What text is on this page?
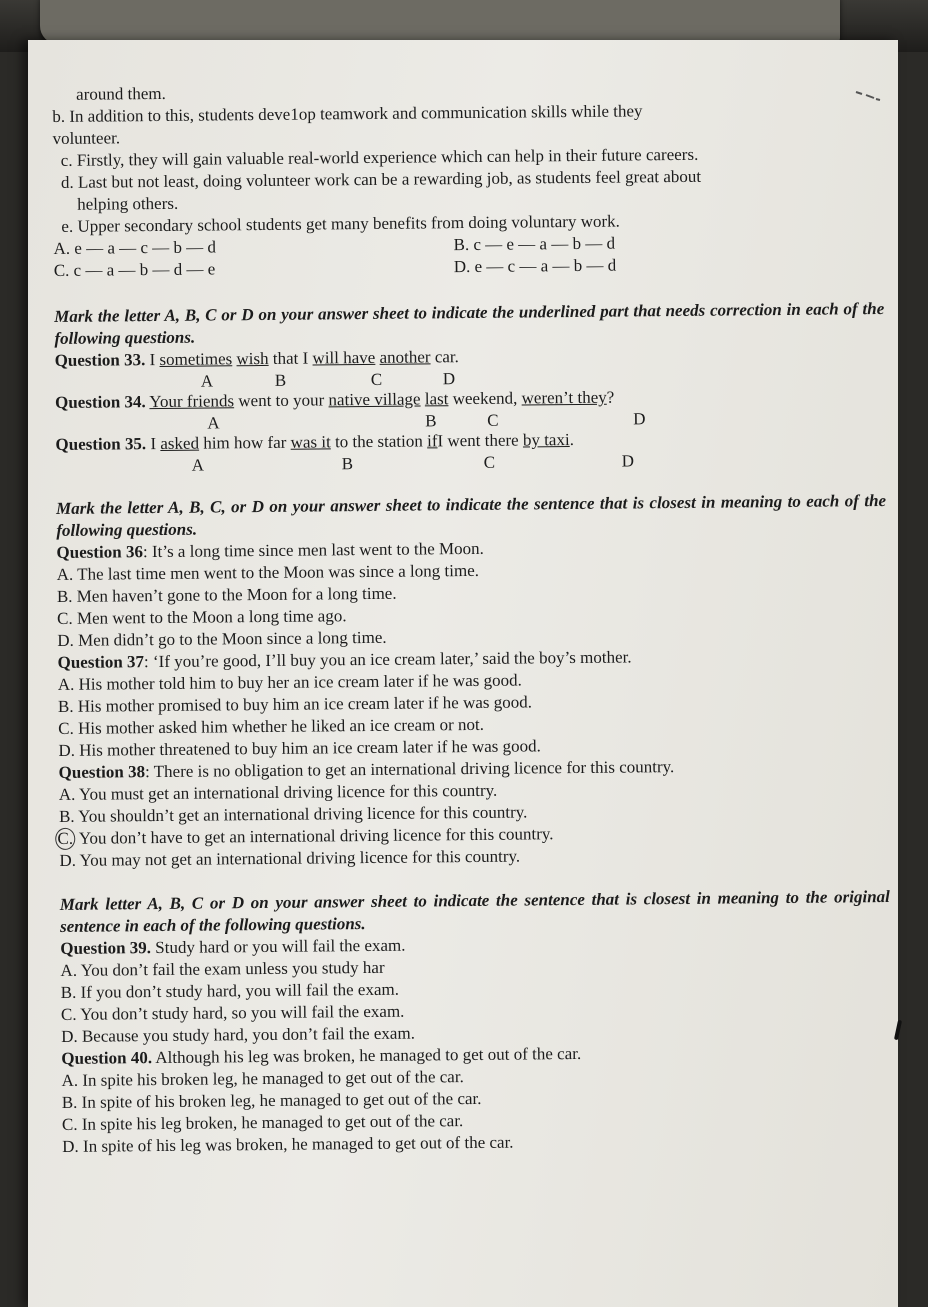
around them.
b. In addition to this, students deve1op teamwork and communication skills while they
volunteer.
c. Firstly, they will gain valuable real-world experience which can help in their future careers.
d. Last but not least, doing volunteer work can be a rewarding job, as students feel great about
helping others.
e. Upper secondary school students get many benefits from doing voluntary work.
A. e — a — c — b — d	B. c — e — a — b — d
C. c — a — b — d — e	D. e — c — a — b — d
Mark the letter A, B, C or D on your answer sheet to indicate the underlined part that needs correction in each of the following questions.
Question 33. I sometimes wish that I will have another car.
A	B	C	D
Question 34. Your friends went to your native village last weekend, weren’t they?
A	B	C	D
Question 35. I asked him how far was it to the station ifI went there by taxi.
A	B	C	D
Mark the letter A, B, C, or D on your answer sheet to indicate the sentence that is closest in meaning to each of the following questions.
Question 36: It’s a long time since men last went to the Moon.
A. The last time men went to the Moon was since a long time.
B. Men haven’t gone to the Moon for a long time.
C. Men went to the Moon a long time ago.
D. Men didn’t go to the Moon since a long time.
Question 37: ‘If you’re good, I’ll buy you an ice cream later,’ said the boy’s mother.
A. His mother told him to buy her an ice cream later if he was good.
B. His mother promised to buy him an ice cream later if he was good.
C. His mother asked him whether he liked an ice cream or not.
D. His mother threatened to buy him an ice cream later if he was good.
Question 38: There is no obligation to get an international driving licence for this country.
A. You must get an international driving licence for this country.
B. You shouldn’t get an international driving licence for this country.
C. You don’t have to get an international driving licence for this country.
D. You may not get an international driving licence for this country.
Mark letter A, B, C or D on your answer sheet to indicate the sentence that is closest in meaning to the original sentence in each of the following questions.
Question 39. Study hard or you will fail the exam.
A. You don’t fail the exam unless you study har
B. If you don’t study hard, you will fail the exam.
C. You don’t study hard, so you will fail the exam.
D. Because you study hard, you don’t fail the exam.
Question 40. Although his leg was broken, he managed to get out of the car.
A. In spite his broken leg, he managed to get out of the car.
B. In spite of his broken leg, he managed to get out of the car.
C. In spite his leg broken, he managed to get out of the car.
D. In spite of his leg was broken, he managed to get out of the car.
